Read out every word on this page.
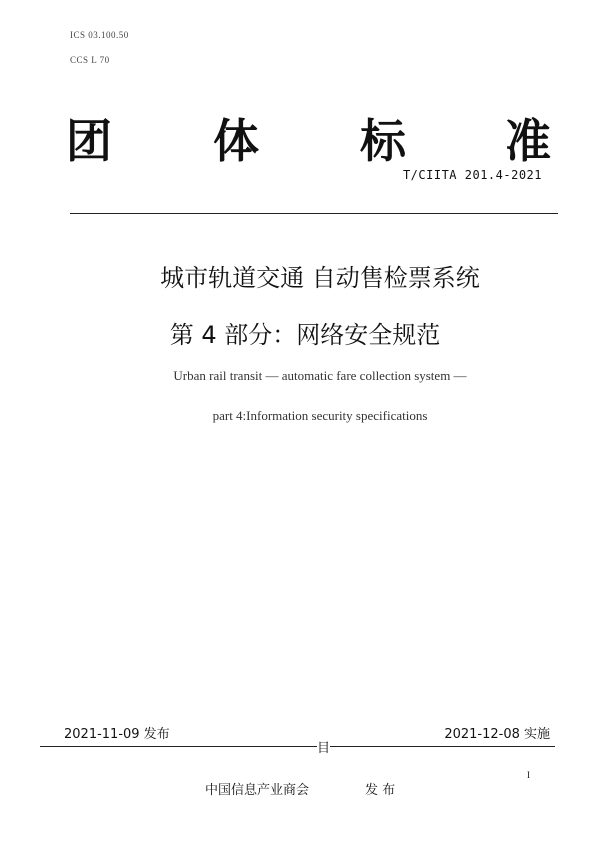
ICS 03.100.50
CCS L 70
团 体 标 准
T/CIITA 201.4-2021
城市轨道交通 自动售检票系统
第 4 部分：网络安全规范
Urban rail transit — automatic fare collection system —
part 4:Information security specifications
2021-11-09 发布	2021-12-08 实施
目
I
中国信息产业商会	发 布
